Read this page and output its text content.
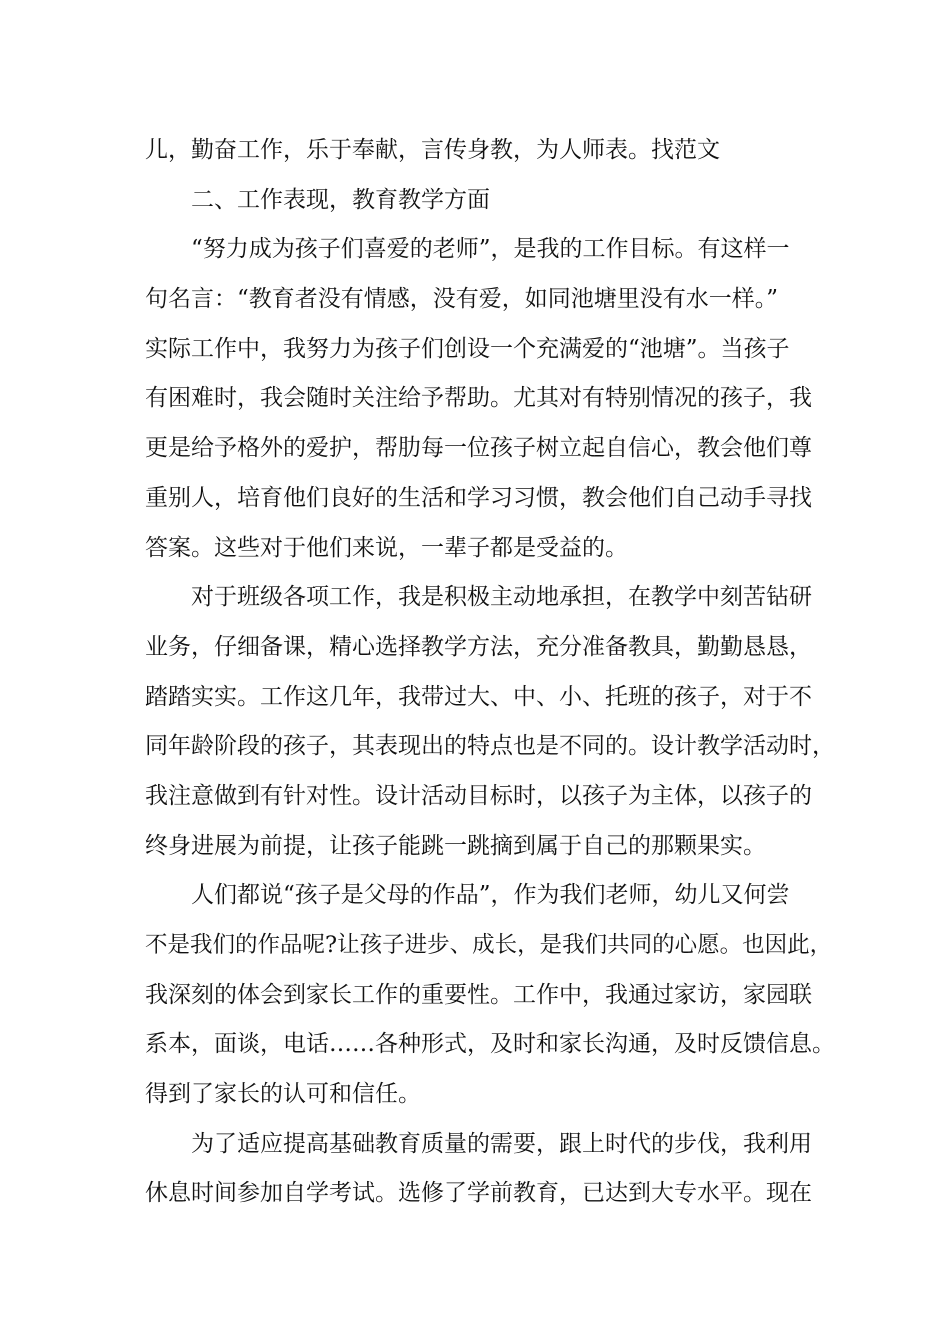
儿，勤奋工作，乐于奉献，言传身教，为人师表。找范文
二、工作表现，教育教学方面
“努力成为孩子们喜爱的老师”，是我的工作目标。有这样一
句名言：“教育者没有情感，没有爱，如同池塘里没有水一样。”
实际工作中，我努力为孩子们创设一个充满爱的“池塘”。当孩子
有困难时，我会随时关注给予帮助。尤其对有特别情况的孩子，我
更是给予格外的爱护，帮肋每一位孩子树立起自信心，教会他们尊
重别人，培育他们良好的生活和学习习惯，教会他们自己动手寻找
答案。这些对于他们来说，一辈子都是受益的。
对于班级各项工作，我是积极主动地承担，在教学中刻苦钻研
业务，仔细备课，精心选择教学方法，充分准备教具，勤勤恳恳，
踏踏实实。工作这几年，我带过大、中、小、托班的孩子，对于不
同年龄阶段的孩子，其表现出的特点也是不同的。设计教学活动时，
我注意做到有针对性。设计活动目标时，以孩子为主体，以孩子的
终身进展为前提，让孩子能跳一跳摘到属于自己的那颗果实。
人们都说“孩子是父母的作品”，作为我们老师，幼儿又何尝
不是我们的作品呢?让孩子进步、成长，是我们共同的心愿。也因此，
我深刻的体会到家长工作的重要性。工作中，我通过家访，家园联
系本，面谈，电话……各种形式，及时和家长沟通，及时反馈信息。
得到了家长的认可和信任。
为了适应提高基础教育质量的需要，跟上时代的步伐，我利用
休息时间参加自学考试。选修了学前教育，已达到大专水平。现在
